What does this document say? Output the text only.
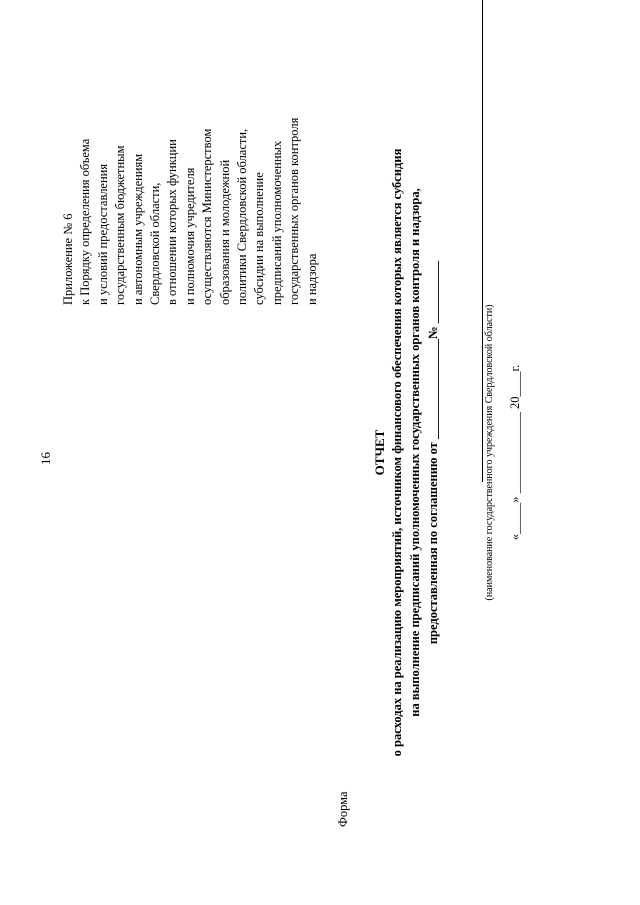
16
Приложение № 6 к Порядку определения объема и условий предоставления государственным бюджетным и автономным учреждениям Свердловской области, в отношении которых функции и полномочия учредителя осуществляются Министерством образования и молодежной политики Свердловской области, субсидии на выполнение предписаний уполномоченных государственных органов контроля и надзора
Форма
ОТЧЕТ о расходах на реализацию мероприятий, источником финансового обеспечения которых является субсидия на выполнение предписаний уполномоченных государственных органов контроля и надзора, предоставленная по соглашению от ________________№ __________	(наименование государственного учреждения Свердловской области) «_____» _____________ 20____г.
